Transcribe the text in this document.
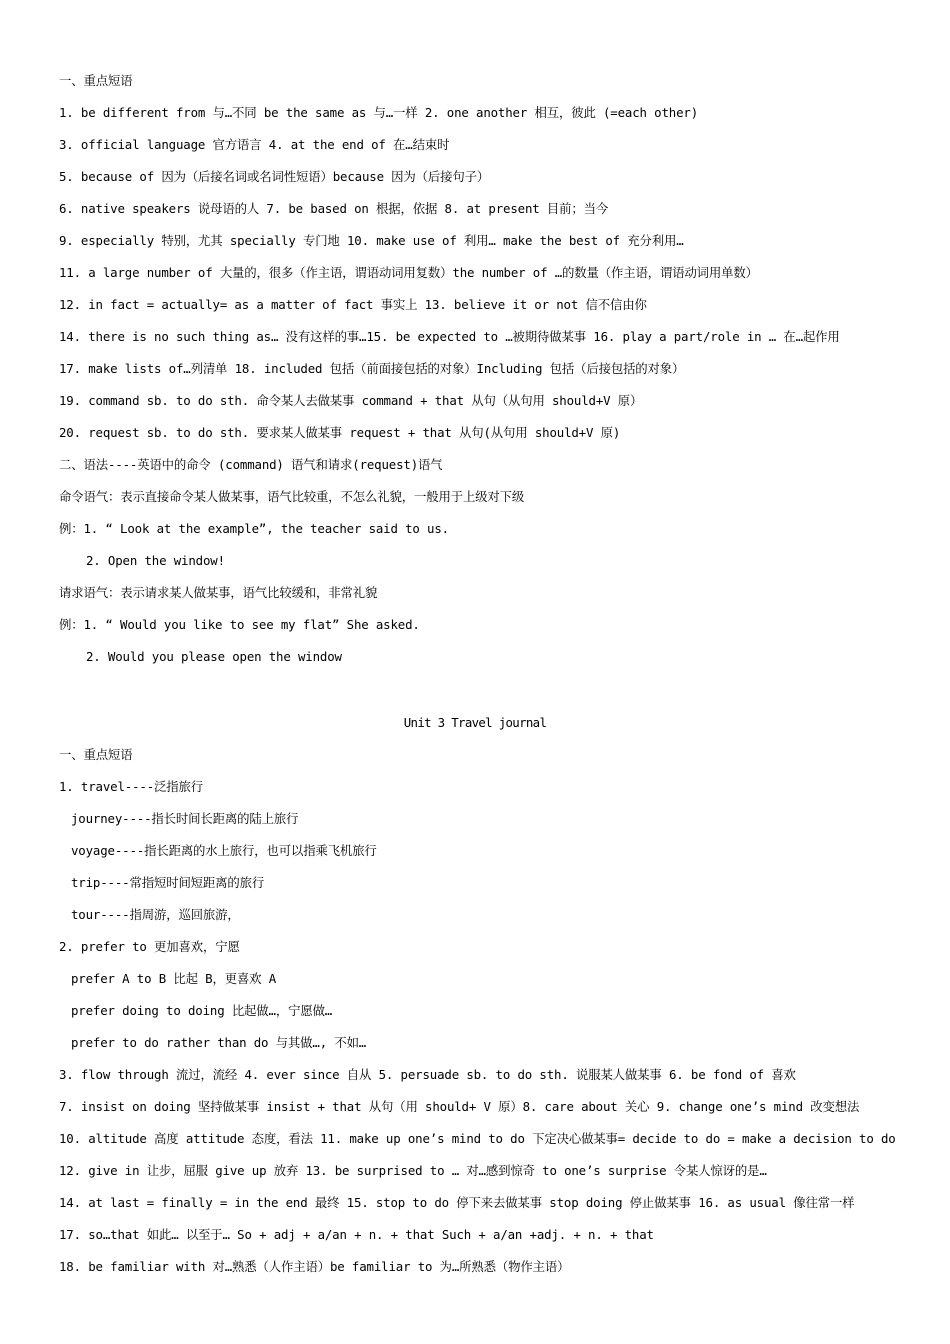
一、重点短语
1. be different from 与…不同 be the same as 与…一样 2. one another 相互，彼此 (=each other)
3. official language 官方语言 4. at the end of 在…结束时
5. because of 因为（后接名词或名词性短语）because 因为（后接句子）
6. native speakers 说母语的人 7. be based on 根据，依据 8. at present 目前；当今
9. especially 特别，尤其 specially 专门地 10. make use of 利用… make the best of 充分利用…
11. a large number of 大量的，很多（作主语，谓语动词用复数）the number of …的数量（作主语，谓语动词用单数）
12. in fact = actually= as a matter of fact 事实上 13. believe it or not 信不信由你
14. there is no such thing as… 没有这样的事…15. be expected to …被期待做某事 16. play a part/role in … 在…起作用
17. make lists of…列清单 18. included 包括（前面接包括的对象）Including 包括（后接包括的对象）
19. command sb. to do sth. 命令某人去做某事 command + that 从句（从句用 should+V 原）
20. request sb. to do sth. 要求某人做某事 request + that 从句(从句用 should+V 原)
二、语法----英语中的命令 (command) 语气和请求(request)语气
命令语气：表示直接命令某人做某事，语气比较重，不怎么礼貌，一般用于上级对下级
例：1. “ Look at the example”, the teacher said to us.
2. Open the window!
请求语气：表示请求某人做某事，语气比较缓和，非常礼貌
例：1. “ Would you like to see my flat” She asked.
2. Would you please open the window
Unit 3 Travel journal
一、重点短语
1. travel----泛指旅行
journey----指长时间长距离的陆上旅行
voyage----指长距离的水上旅行，也可以指乘飞机旅行
trip----常指短时间短距离的旅行
tour----指周游，巡回旅游，
2. prefer to 更加喜欢，宁愿
prefer A to B 比起 B，更喜欢 A
prefer doing to doing 比起做…，宁愿做…
prefer to do rather than do 与其做…, 不如…
3. flow through 流过，流经 4. ever since 自从 5. persuade sb. to do sth. 说服某人做某事 6. be fond of 喜欢
7. insist on doing 坚持做某事 insist + that 从句（用 should+ V 原）8. care about 关心 9. change one’s mind 改变想法
10. altitude 高度 attitude 态度，看法 11. make up one’s mind to do 下定决心做某事= decide to do = make a decision to do
12. give in 让步，屈服 give up 放弃 13. be surprised to … 对…感到惊奇 to one’s surprise 令某人惊讶的是…
14. at last = finally = in the end 最终 15. stop to do 停下来去做某事 stop doing 停止做某事 16. as usual 像往常一样
17. so…that 如此… 以至于… So + adj + a/an + n. + that Such + a/an +adj. + n. + that
18. be familiar with 对…熟悉（人作主语）be familiar to 为…所熟悉（物作主语）
